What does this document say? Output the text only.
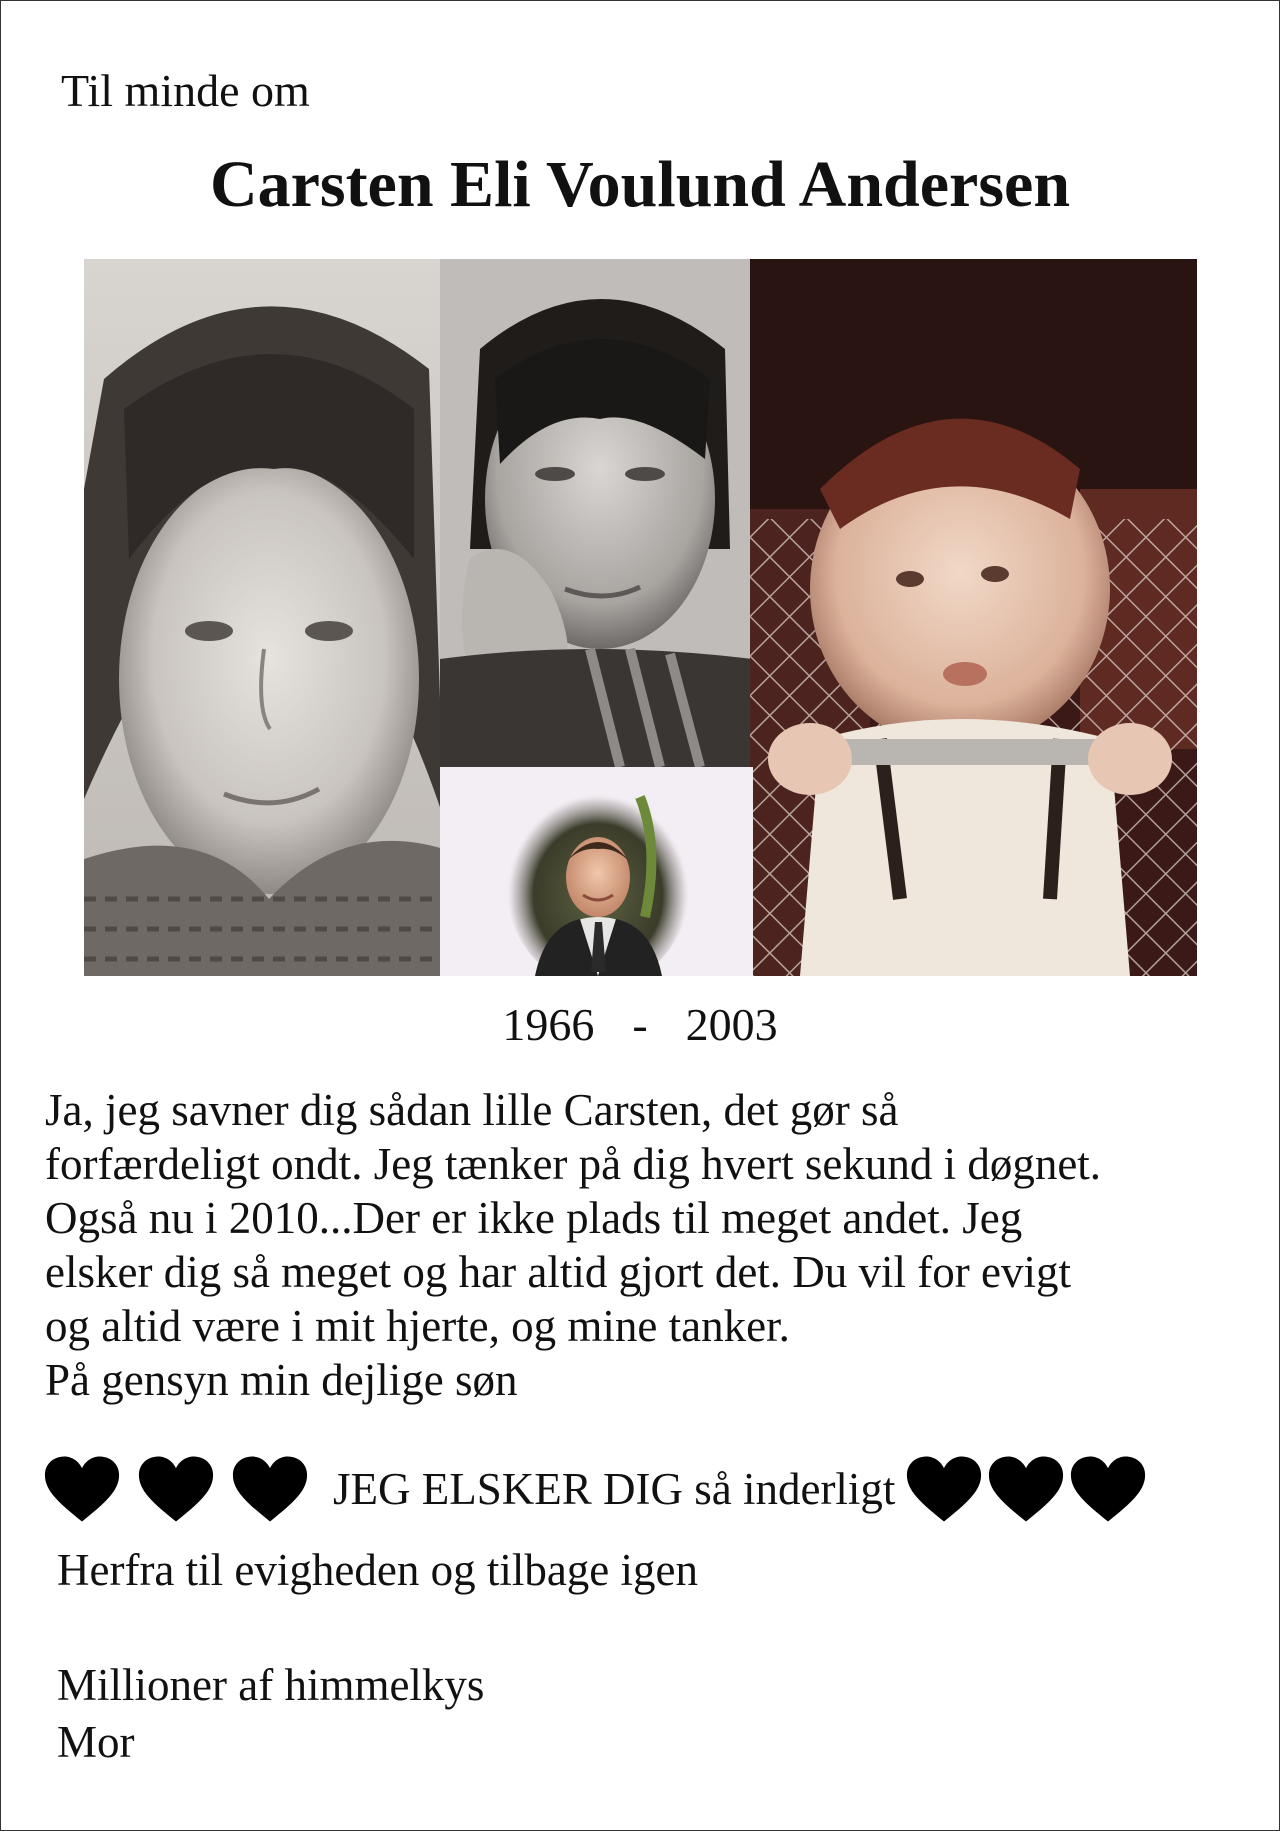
Til minde om
Carsten Eli Voulund Andersen
1966 - 2003
Ja, jeg savner dig sådan lille Carsten, det gør så
forfærdeligt ondt. Jeg tænker på dig hvert sekund i døgnet.
Også nu i 2010...Der er ikke plads til meget andet. Jeg
elsker dig så meget og har altid gjort det. Du vil for evigt
og altid være i mit hjerte, og mine tanker.
På gensyn min dejlige søn
JEG ELSKER DIG så inderligt
Herfra til evigheden og tilbage igen
Millioner af himmelkys
Mor
